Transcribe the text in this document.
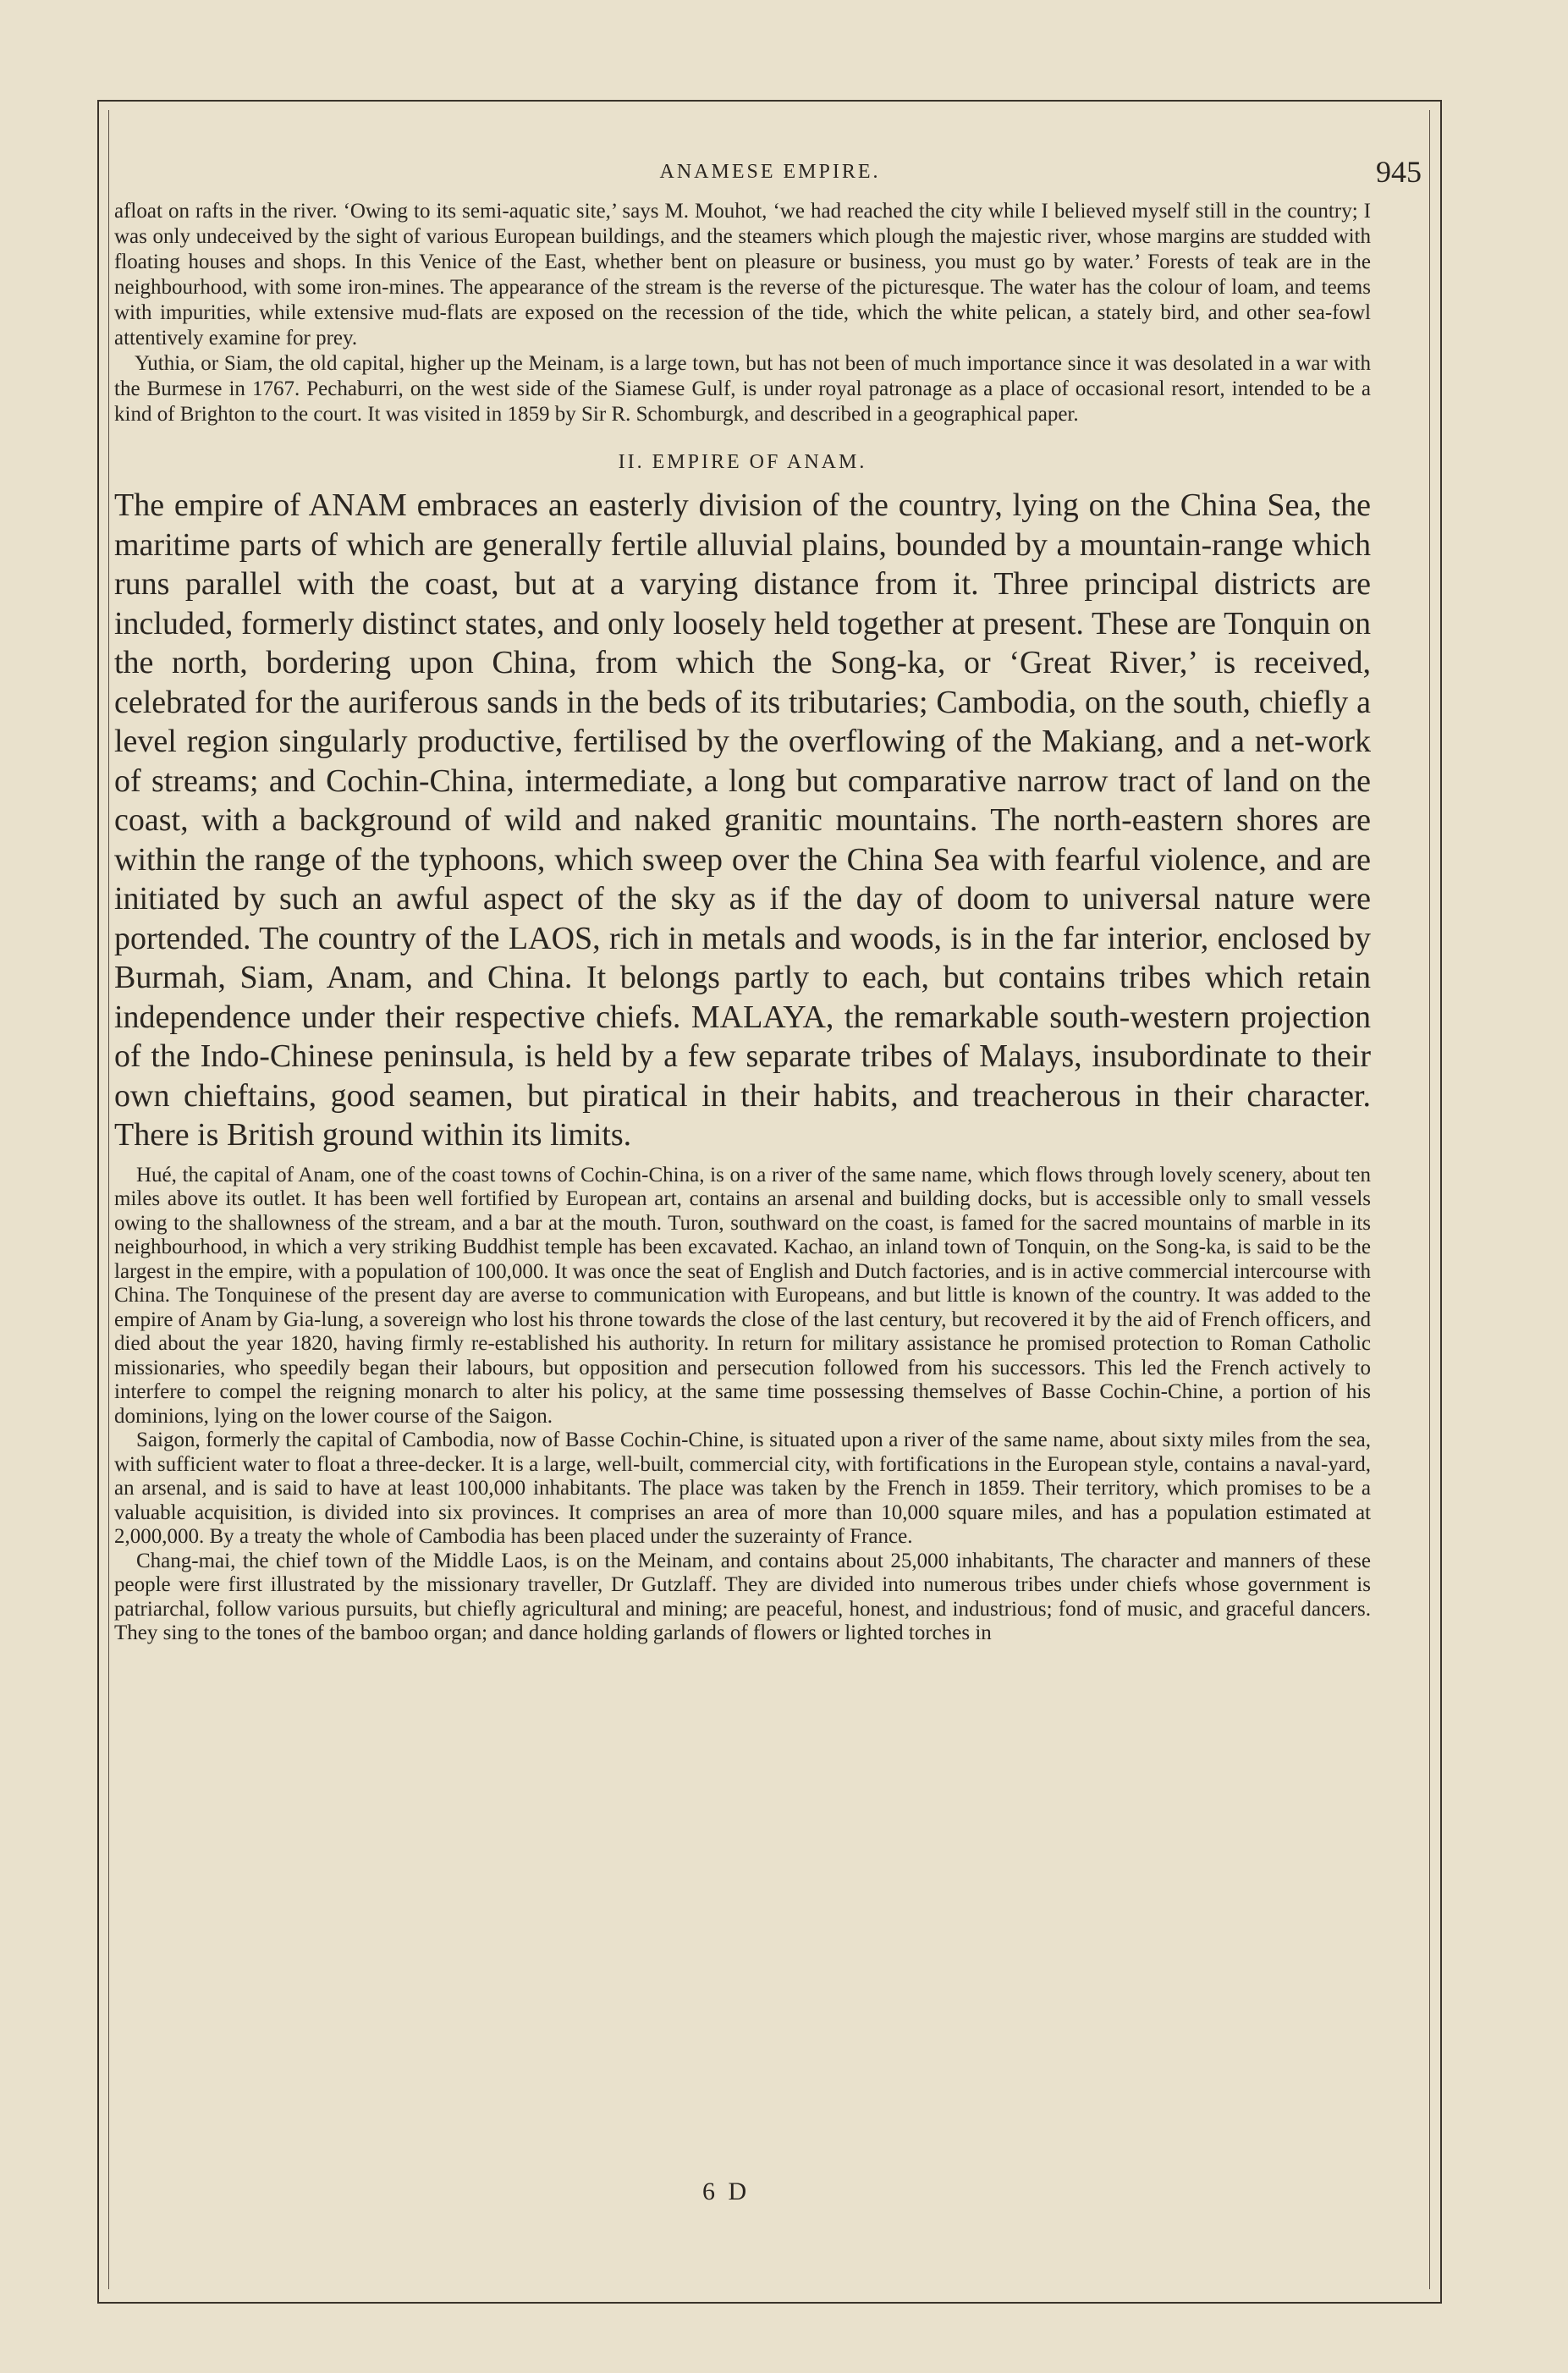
ANAMESE EMPIRE.	945

afloat on rafts in the river. ‘Owing to its semi-aquatic site,’ says M. Mouhot, ‘we had reached the city while I believed myself still in the country; I was only undeceived by the sight of various European buildings, and the steamers which plough the majestic river, whose margins are studded with floating houses and shops. In this Venice of the East, whether bent on pleasure or business, you must go by water.’ Forests of teak are in the neighbourhood, with some iron-mines. The appearance of the stream is the reverse of the picturesque. The water has the colour of loam, and teems with impurities, while extensive mud-flats are exposed on the recession of the tide, which the white pelican, a stately bird, and other sea-fowl attentively examine for prey.

Yuthia, or Siam, the old capital, higher up the Meinam, is a large town, but has not been of much importance since it was desolated in a war with the Burmese in 1767. Pechaburri, on the west side of the Siamese Gulf, is under royal patronage as a place of occasional resort, intended to be a kind of Brighton to the court. It was visited in 1859 by Sir R. Schomburgk, and described in a geographical paper.

II. EMPIRE OF ANAM.

The empire of ANAM embraces an easterly division of the country, lying on the China Sea, the maritime parts of which are generally fertile alluvial plains, bounded by a mountain-range which runs parallel with the coast, but at a varying distance from it. Three principal districts are included, formerly distinct states, and only loosely held together at present. These are Tonquin on the north, bordering upon China, from which the Song-ka, or ‘Great River,’ is received, celebrated for the auriferous sands in the beds of its tributaries; Cambodia, on the south, chiefly a level region singularly productive, fertilised by the overflowing of the Makiang, and a net-work of streams; and Cochin-China, intermediate, a long but comparative narrow tract of land on the coast, with a background of wild and naked granitic mountains. The north-eastern shores are within the range of the typhoons, which sweep over the China Sea with fearful violence, and are initiated by such an awful aspect of the sky as if the day of doom to universal nature were portended. The country of the LAOS, rich in metals and woods, is in the far interior, enclosed by Burmah, Siam, Anam, and China. It belongs partly to each, but contains tribes which retain independence under their respective chiefs. MALAYA, the remarkable south-western projection of the Indo-Chinese peninsula, is held by a few separate tribes of Malays, insubordinate to their own chieftains, good seamen, but piratical in their habits, and treacherous in their character. There is British ground within its limits.

Hué, the capital of Anam, one of the coast towns of Cochin-China, is on a river of the same name, which flows through lovely scenery, about ten miles above its outlet. It has been well fortified by European art, contains an arsenal and building docks, but is accessible only to small vessels owing to the shallowness of the stream, and a bar at the mouth. Turon, southward on the coast, is famed for the sacred mountains of marble in its neighbourhood, in which a very striking Buddhist temple has been excavated. Kachao, an inland town of Tonquin, on the Song-ka, is said to be the largest in the empire, with a population of 100,000. It was once the seat of English and Dutch factories, and is in active commercial intercourse with China. The Tonquinese of the present day are averse to communication with Europeans, and but little is known of the country. It was added to the empire of Anam by Gia-lung, a sovereign who lost his throne towards the close of the last century, but recovered it by the aid of French officers, and died about the year 1820, having firmly re-established his authority. In return for military assistance he promised protection to Roman Catholic missionaries, who speedily began their labours, but opposition and persecution followed from his successors. This led the French actively to interfere to compel the reigning monarch to alter his policy, at the same time possessing themselves of Basse Cochin-Chine, a portion of his dominions, lying on the lower course of the Saigon.

Saigon, formerly the capital of Cambodia, now of Basse Cochin-Chine, is situated upon a river of the same name, about sixty miles from the sea, with sufficient water to float a three-decker. It is a large, well-built, commercial city, with fortifications in the European style, contains a naval-yard, an arsenal, and is said to have at least 100,000 inhabitants. The place was taken by the French in 1859. Their territory, which promises to be a valuable acquisition, is divided into six provinces. It comprises an area of more than 10,000 square miles, and has a population estimated at 2,000,000. By a treaty the whole of Cambodia has been placed under the suzerainty of France.

Chang-mai, the chief town of the Middle Laos, is on the Meinam, and contains about 25,000 inhabitants, The character and manners of these people were first illustrated by the missionary traveller, Dr Gutzlaff. They are divided into numerous tribes under chiefs whose government is patriarchal, follow various pursuits, but chiefly agricultural and mining; are peaceful, honest, and industrious; fond of music, and graceful dancers. They sing to the tones of the bamboo organ; and dance holding garlands of flowers or lighted torches in

6 D
